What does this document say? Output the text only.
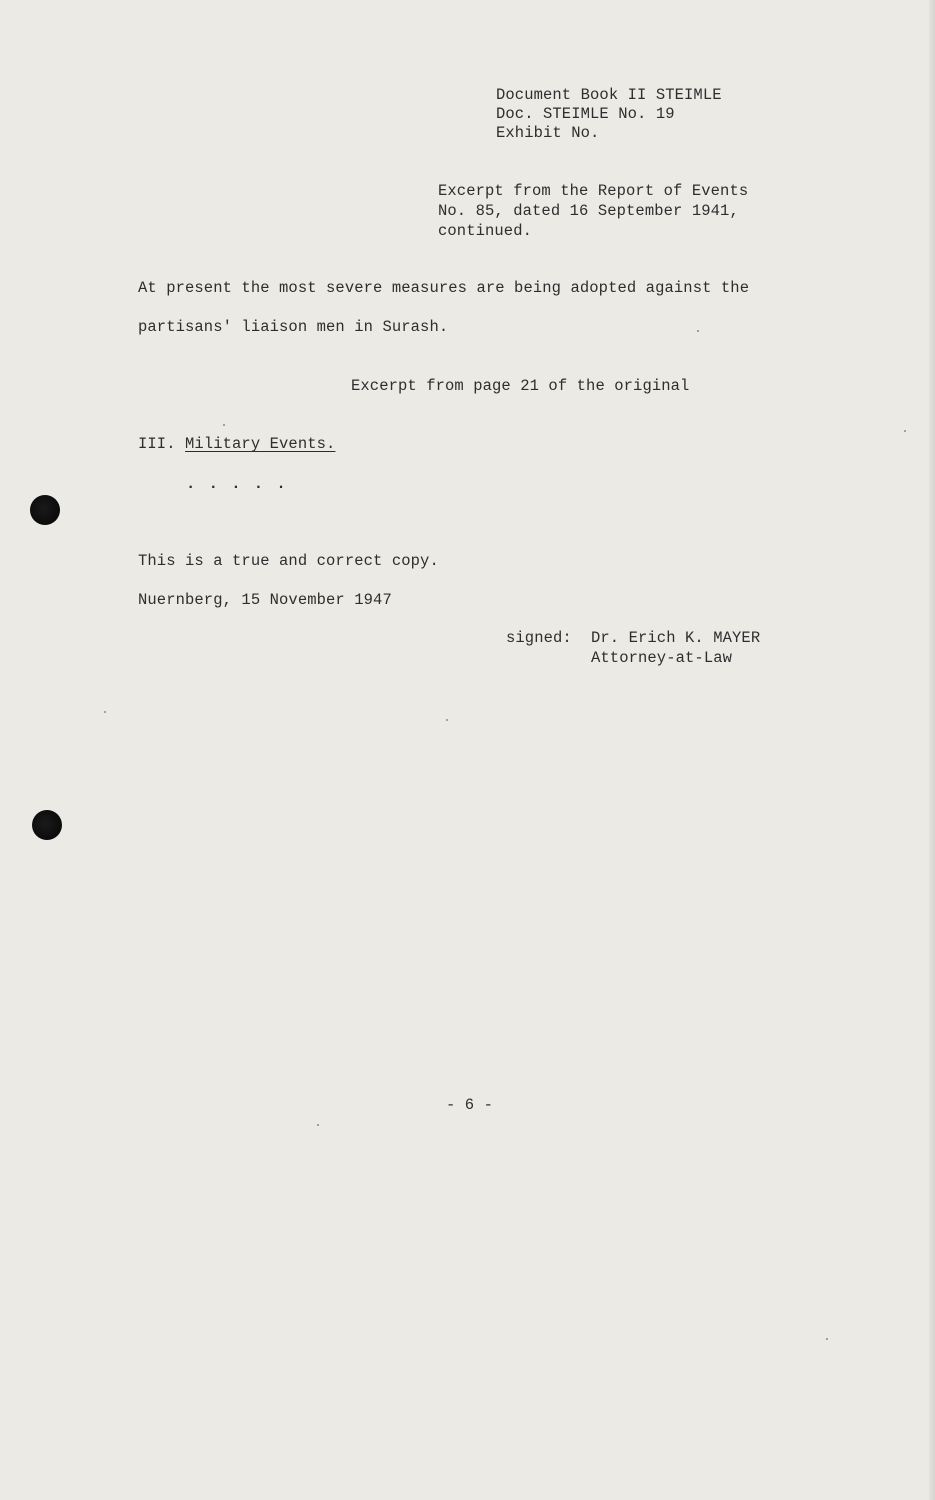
Document Book II STEIMLE
Doc. STEIMLE No. 19
Exhibit No.
Excerpt from the Report of Events
No. 85, dated 16 September 1941,
continued.
At present the most severe measures are being adopted against the
partisans' liaison men in Surash.
Excerpt from page 21 of the original
III. Military Events.
. . . . .
This is a true and correct copy.
Nuernberg, 15 November 1947
signed: Dr. Erich K. MAYER
Attorney-at-Law
- 6 -
